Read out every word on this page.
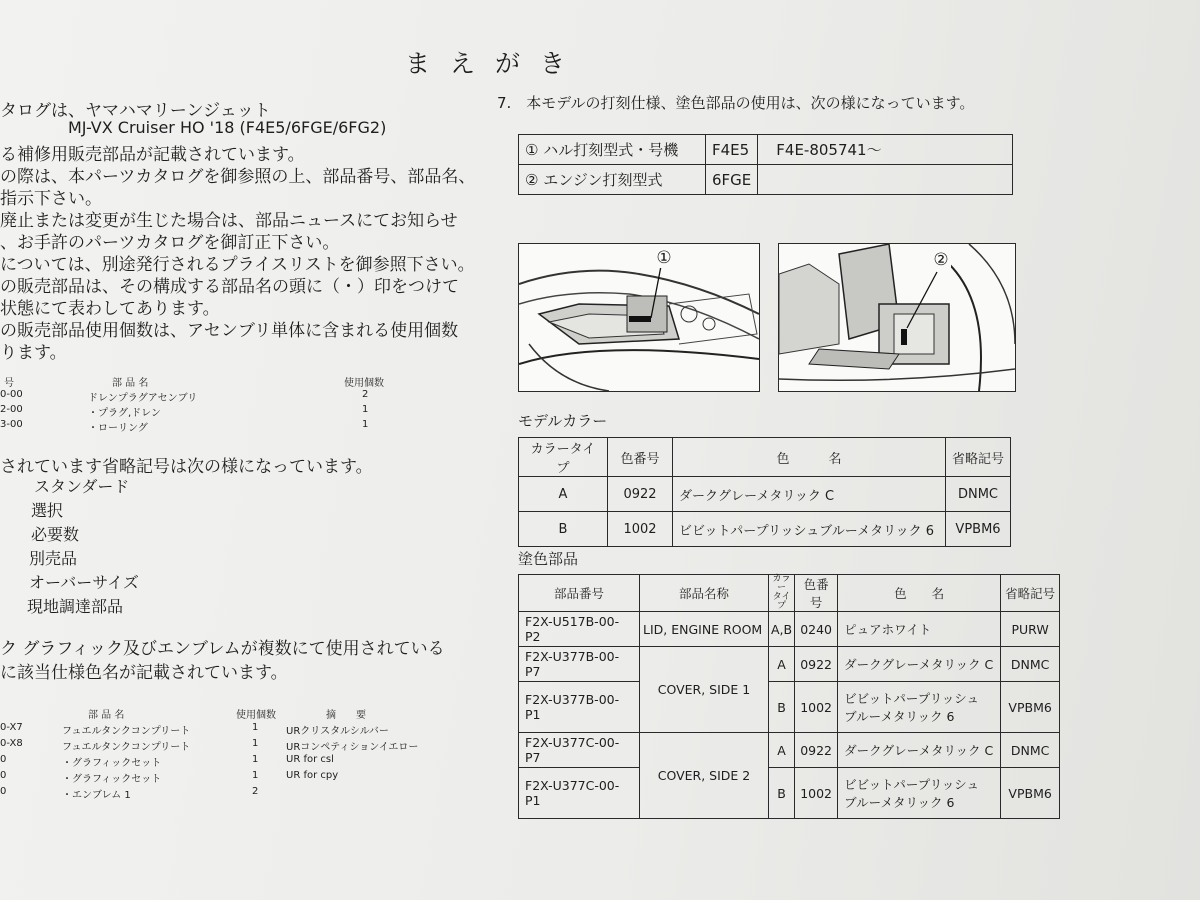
まえがき
タログは、ヤマハマリーンジェット
MJ-VX Cruiser HO '18 (F4E5/6FGE/6FG2)
る補修用販売部品が記載されています。
の際は、本パーツカタログを御参照の上、部品番号、部品名、
指示下さい。
廃止または変更が生じた場合は、部品ニュースにてお知らせ
、お手許のパーツカタログを御訂正下さい。
については、別途発行されるプライスリストを御参照下さい。
の販売部品は、その構成する部品名の頭に（・）印をつけて
状態にて表わしてあります。
の販売部品使用個数は、アセンブリ単体に含まれる使用個数
ります。
号	部 品 名	使用個数
0-00	ドレンプラグアセンブリ	2
2-00	・プラグ,ドレン	1
3-00	・ローリング	1
されています省略記号は次の様になっています。
スタンダード
選択
必要数
別売品
オーバーサイズ
現地調達部品
ク グラフィック及びエンブレムが複数にて使用されている
に該当仕様色名が記載されています。
部 品 名	使用個数	摘　　要
0-X7	フュエルタンクコンプリート	1	URクリスタルシルバー
0-X8	フュエルタンクコンプリート	1	URコンペティションイエロー
0	・グラフィックセット	1	UR for csl
0	・グラフィックセット	1	UR for cpy
0	・エンブレム 1	2
7.　本モデルの打刻仕様、塗色部品の使用は、次の様になっています。
① ハル打刻型式・号機	F4E5	F4E-805741～
② エンジン打刻型式	6FGE	
①	②
モデルカラー
カラータイプ	色番号	色　　　名	省略記号
A	0922	ダークグレーメタリック C	DNMC
B	1002	ビビットパープリッシュブルーメタリック 6	VPBM6
塗色部品
部品番号	部品名称	カラー
タイプ	色番号	色　　名	省略記号
F2X-U517B-00-P2	LID, ENGINE ROOM	A,B	0240	ピュアホワイト	PURW
F2X-U377B-00-P7	COVER, SIDE 1	A	0922	ダークグレーメタリック C	DNMC
F2X-U377B-00-P1		B	1002	ビビットパープリッシュ
ブルーメタリック 6	VPBM6
F2X-U377C-00-P7	COVER, SIDE 2	A	0922	ダークグレーメタリック C	DNMC
F2X-U377C-00-P1		B	1002	ビビットパープリッシュ
ブルーメタリック 6	VPBM6
